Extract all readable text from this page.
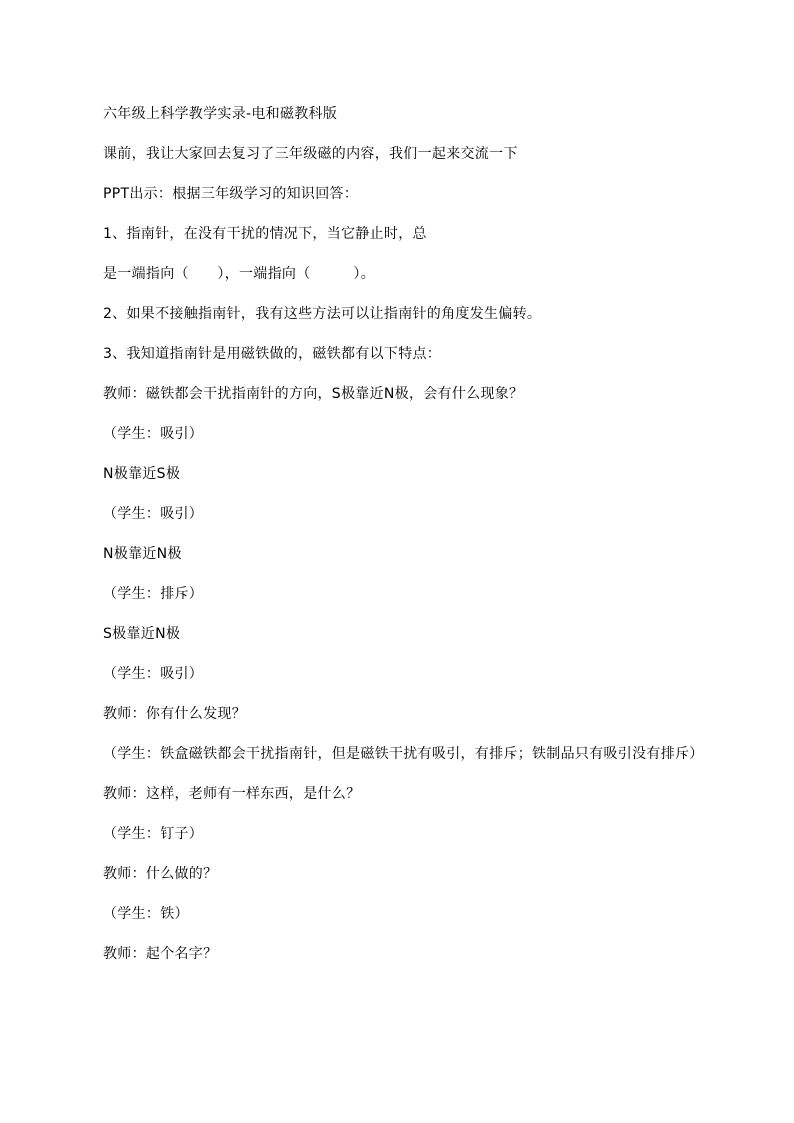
六年级上科学教学实录-电和磁教科版

课前，我让大家回去复习了三年级磁的内容，我们一起来交流一下

PPT出示：根据三年级学习的知识回答：

1、指南针，在没有干扰的情况下，当它静止时，总

是一端指向（　　），一端指向（　　　）。

2、如果不接触指南针，我有这些方法可以让指南针的角度发生偏转。

3、我知道指南针是用磁铁做的，磁铁都有以下特点：

教师：磁铁都会干扰指南针的方向，S极靠近N极，会有什么现象？

（学生：吸引）

N极靠近S极

（学生：吸引）

N极靠近N极

（学生：排斥）

S极靠近N极

（学生：吸引）

教师：你有什么发现？

（学生：铁盒磁铁都会干扰指南针，但是磁铁干扰有吸引，有排斥；铁制品只有吸引没有排斥）

教师：这样，老师有一样东西，是什么？

（学生：钉子）

教师：什么做的？

（学生：铁）

教师：起个名字？
